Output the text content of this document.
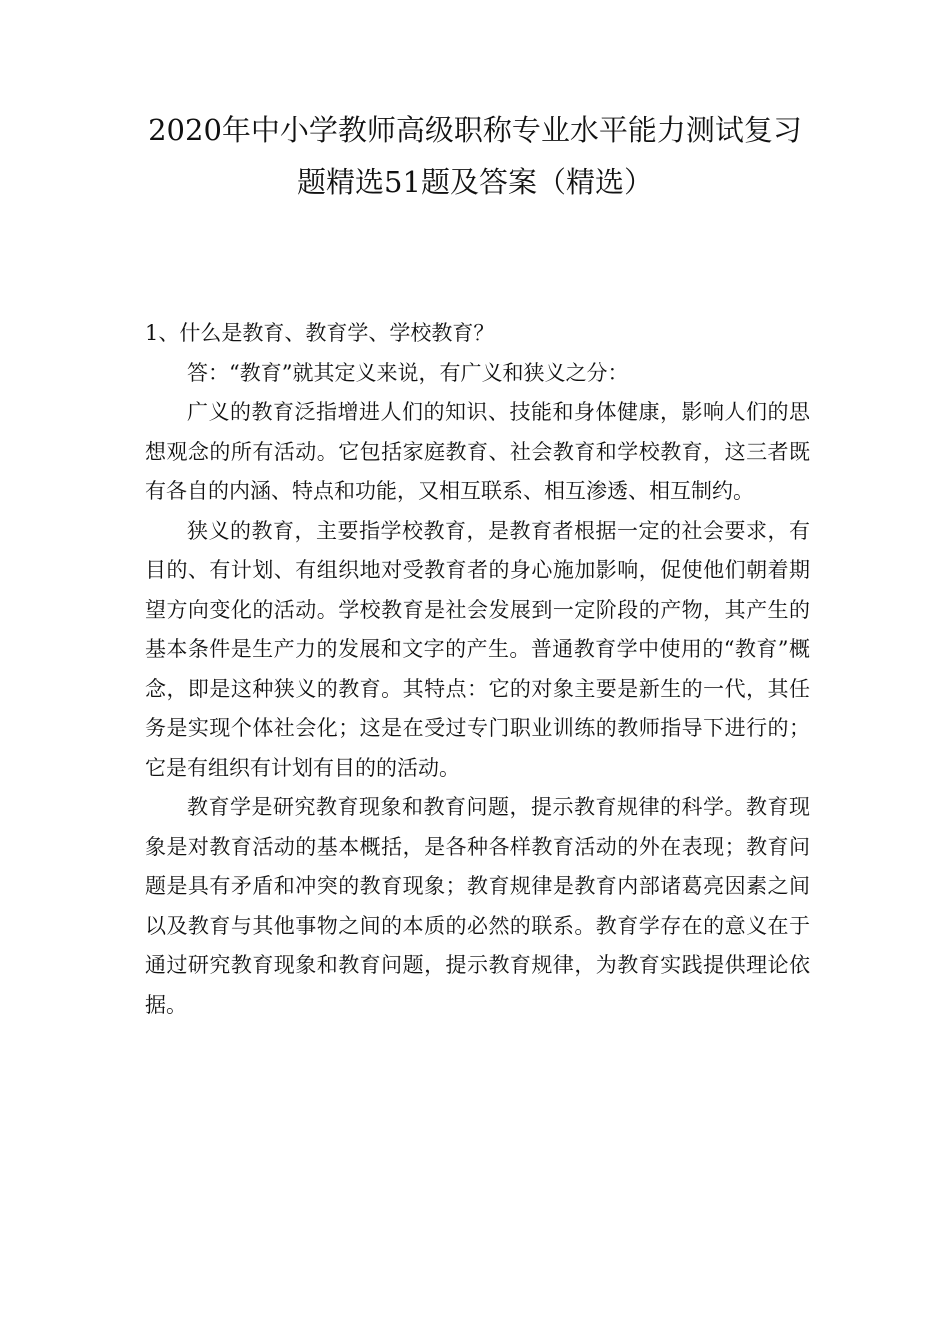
2020年中小学教师高级职称专业水平能力测试复习
题精选51题及答案（精选）

1、什么是教育、教育学、学校教育？

答：“教育”就其定义来说，有广义和狭义之分：

广义的教育泛指增进人们的知识、技能和身体健康，影响人们的思想观念的所有活动。它包括家庭教育、社会教育和学校教育，这三者既有各自的内涵、特点和功能，又相互联系、相互渗透、相互制约。

狭义的教育，主要指学校教育，是教育者根据一定的社会要求，有目的、有计划、有组织地对受教育者的身心施加影响，促使他们朝着期望方向变化的活动。学校教育是社会发展到一定阶段的产物，其产生的基本条件是生产力的发展和文字的产生。普通教育学中使用的“教育”概念，即是这种狭义的教育。其特点：它的对象主要是新生的一代，其任务是实现个体社会化；这是在受过专门职业训练的教师指导下进行的；它是有组织有计划有目的的活动。

教育学是研究教育现象和教育问题，提示教育规律的科学。教育现象是对教育活动的基本概括，是各种各样教育活动的外在表现；教育问题是具有矛盾和冲突的教育现象；教育规律是教育内部诸葛亮因素之间以及教育与其他事物之间的本质的必然的联系。教育学存在的意义在于通过研究教育现象和教育问题，提示教育规律，为教育实践提供理论依据。
